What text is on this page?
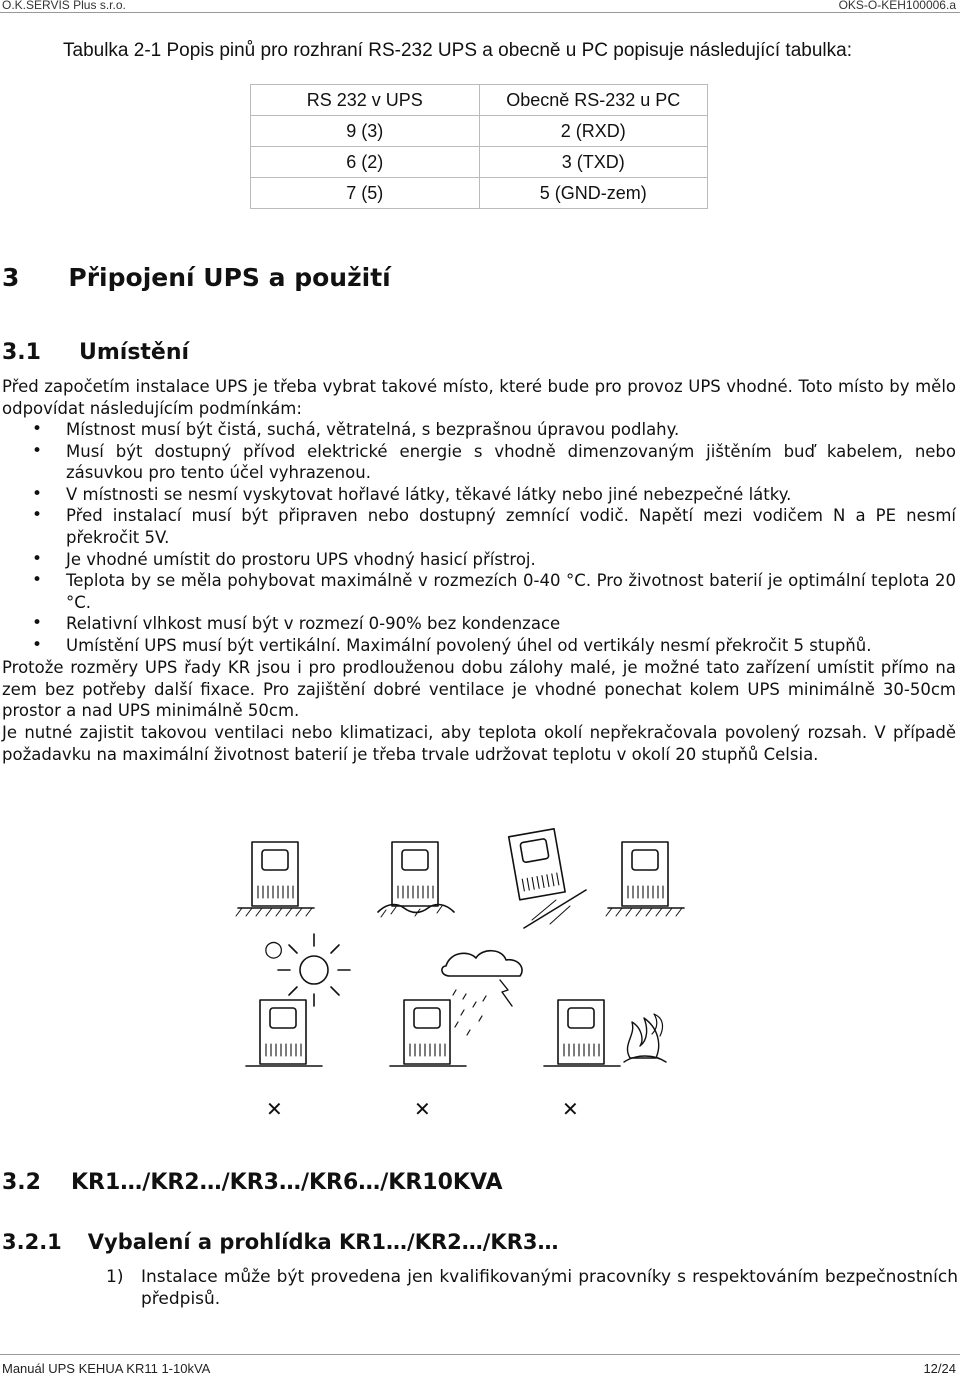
O.K.SERVIS Plus s.r.o.	OKS-O-KEH100006.a
Tabulka 2-1 Popis pinů pro rozhraní RS-232 UPS a obecně u PC popisuje následující tabulka:
RS 232 v UPS	Obecně RS-232 u PC
9 (3)	2 (RXD)
6 (2)	3 (TXD)
7 (5)	5 (GND-zem)
3 Připojení UPS a použití
3.1 Umístění
Před započetím instalace UPS je třeba vybrat takové místo, které bude pro provoz UPS vhodné. Toto místo by mělo odpovídat následujícím podmínkám:
• Místnost musí být čistá, suchá, větratelná, s bezprašnou úpravou podlahy.
• Musí být dostupný přívod elektrické energie s vhodně dimenzovaným jištěním buď kabelem, nebo zásuvkou pro tento účel vyhrazenou.
• V místnosti se nesmí vyskytovat hořlavé látky, těkavé látky nebo jiné nebezpečné látky.
• Před instalací musí být připraven nebo dostupný zemnící vodič. Napětí mezi vodičem N a PE nesmí překročit 5V.
• Je vhodné umístit do prostoru UPS vhodný hasicí přístroj.
• Teplota by se měla pohybovat maximálně v rozmezích 0-40 °C. Pro životnost baterií je optimální teplota 20 °C.
• Relativní vlhkost musí být v rozmezí 0-90% bez kondenzace
• Umístění UPS musí být vertikální. Maximální povolený úhel od vertikály nesmí překročit 5 stupňů.
Protože rozměry UPS řady KR jsou i pro prodlouženou dobu zálohy malé, je možné tato zařízení umístit přímo na zem bez potřeby další fixace. Pro zajištění dobré ventilace je vhodné ponechat kolem UPS minimálně 30-50cm prostor a nad UPS minimálně 50cm.
Je nutné zajistit takovou ventilaci nebo klimatizaci, aby teplota okolí nepřekračovala povolený rozsah. V případě požadavku na maximální životnost baterií je třeba trvale udržovat teplotu v okolí 20 stupňů Celsia.
○
✕	✕	✕
3.2 KR1…/KR2…/KR3…/KR6…/KR10KVA
3.2.1 Vybalení a prohlídka KR1…/KR2…/KR3…
1) Instalace může být provedena jen kvalifikovanými pracovníky s respektováním bezpečnostních předpisů.
Manuál UPS KEHUA KR11 1-10kVA	12/24
